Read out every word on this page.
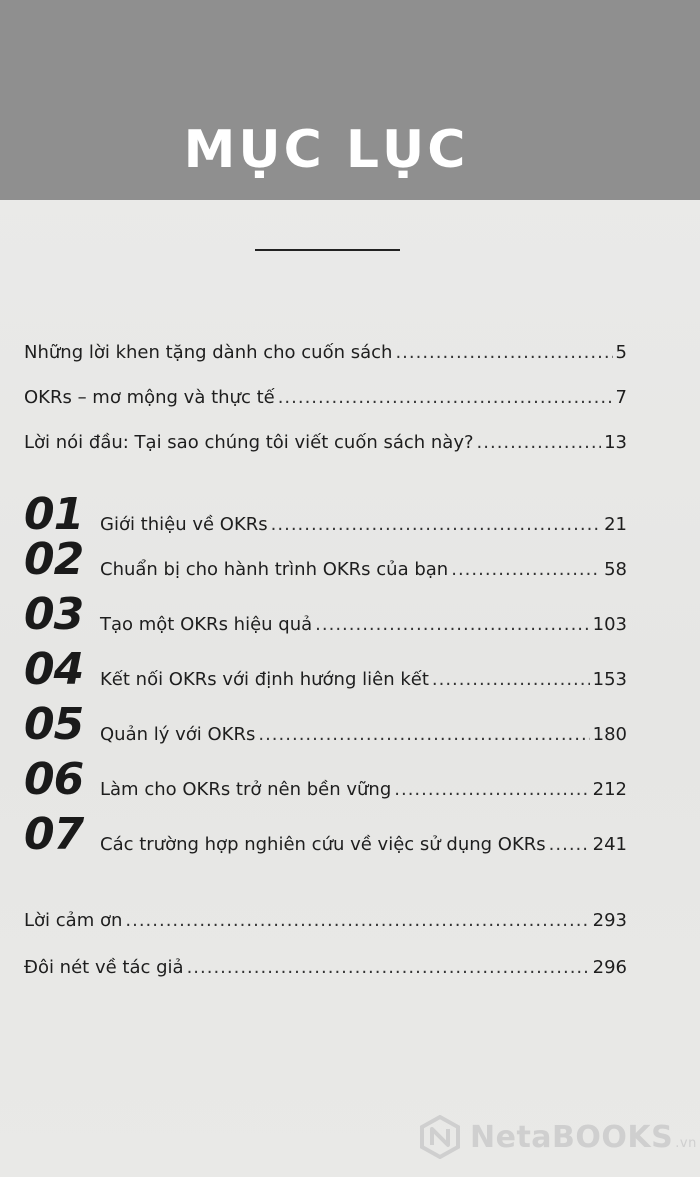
MỤC LỤC
Những lời khen tặng dành cho cuốn sách .....	5
OKRs – mơ mộng và thực tế .....	7
Lời nói đầu: Tại sao chúng tôi viết cuốn sách này? .....	13
01 Giới thiệu về OKRs .....	21
02 Chuẩn bị cho hành trình OKRs của bạn .....	58
03 Tạo một OKRs hiệu quả .....	103
04 Kết nối OKRs với định hướng liên kết .....	153
05 Quản lý với OKRs .....	180
06 Làm cho OKRs trở nên bền vững .....	212
07 Các trường hợp nghiên cứu về việc sử dụng OKRs .....	241
Lời cảm ơn .....	293
Đôi nét về tác giả .....	296
NetaBOOKS .vn
